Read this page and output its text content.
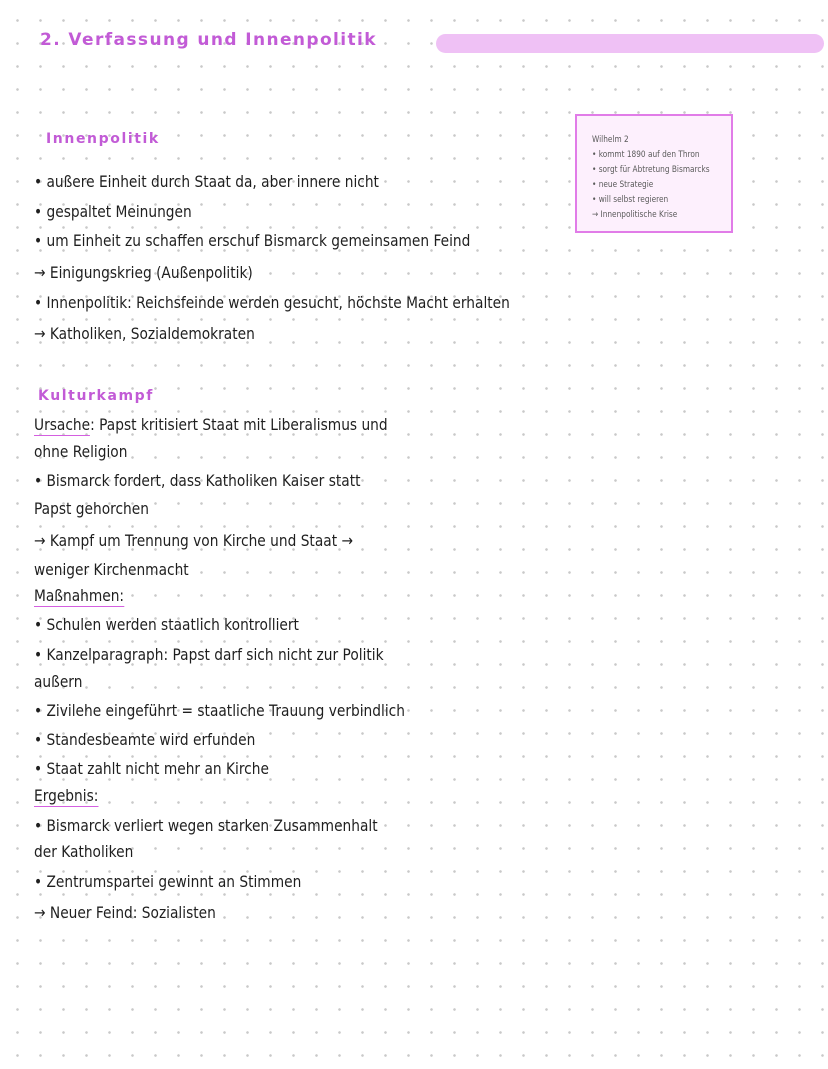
2. Verfassung und Innenpolitik
Innenpolitik
• außere Einheit durch Staat da, aber innere nicht
• gespaltet Meinungen
• um Einheit zu schaffen erschuf Bismarck gemeinsamen Feind
→ Einigungskrieg (Außenpolitik)
• Innenpolitik: Reichsfeinde werden gesucht, höchste Macht erhalten
→ Katholiken, Sozialdemokraten
Wilhelm 2
• kommt 1890 auf den Thron
• sorgt für Abtretung Bismarcks
• neue Strategie
• will selbst regieren
→ Innenpolitische Krise
Kulturkampf
Ursache: Papst kritisiert Staat mit Liberalismus und
ohne Religion
• Bismarck fordert, dass Katholiken Kaiser statt
Papst gehorchen
→ Kampf um Trennung von Kirche und Staat →
weniger Kirchenmacht
Maßnahmen:
• Schulen werden staatlich kontrolliert
• Kanzelparagraph: Papst darf sich nicht zur Politik
außern
• Zivilehe eingeführt = staatliche Trauung verbindlich
• Standesbeamte wird erfunden
• Staat zahlt nicht mehr an Kirche
Ergebnis:
• Bismarck verliert wegen starken Zusammenhalt
der Katholiken
• Zentrumspartei gewinnt an Stimmen
→ Neuer Feind: Sozialisten
